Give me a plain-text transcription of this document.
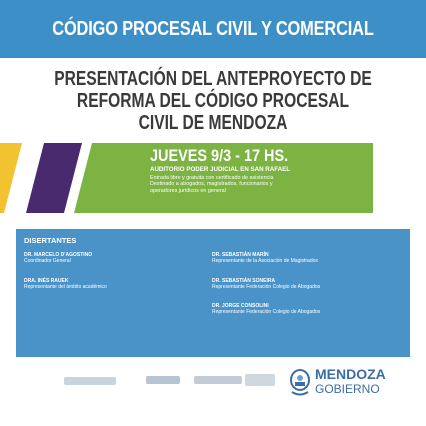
CÓDIGO PROCESAL CIVIL Y COMERCIAL
PRESENTACIÓN DEL ANTEPROYECTO DE
REFORMA DEL CÓDIGO PROCESAL
CIVIL DE MENDOZA
JUEVES 9/3 - 17 HS.
AUDITORIO PODER JUDICIAL EN SAN RAFAEL
Entrada libre y gratuita con certificado de asistencia
Destinado a abogados, magistrados, funcionarios y
operadores jurídicos en general
DISERTANTES
DR. MARCELO D'AGOSTINO
Coordinador General
DRA. INÉS RAUEK
Representante del ámbito académico
DR. SEBASTIÁN MARÍN
Representante de la Asociación de Magistrados
DR. SEBASTIÁN SONEIRA
Representante Federación Colegio de Abogados
DR. JORGE CONSOLINI
Representante Federación Colegio de Abogados
MENDOZA
GOBIERNO
